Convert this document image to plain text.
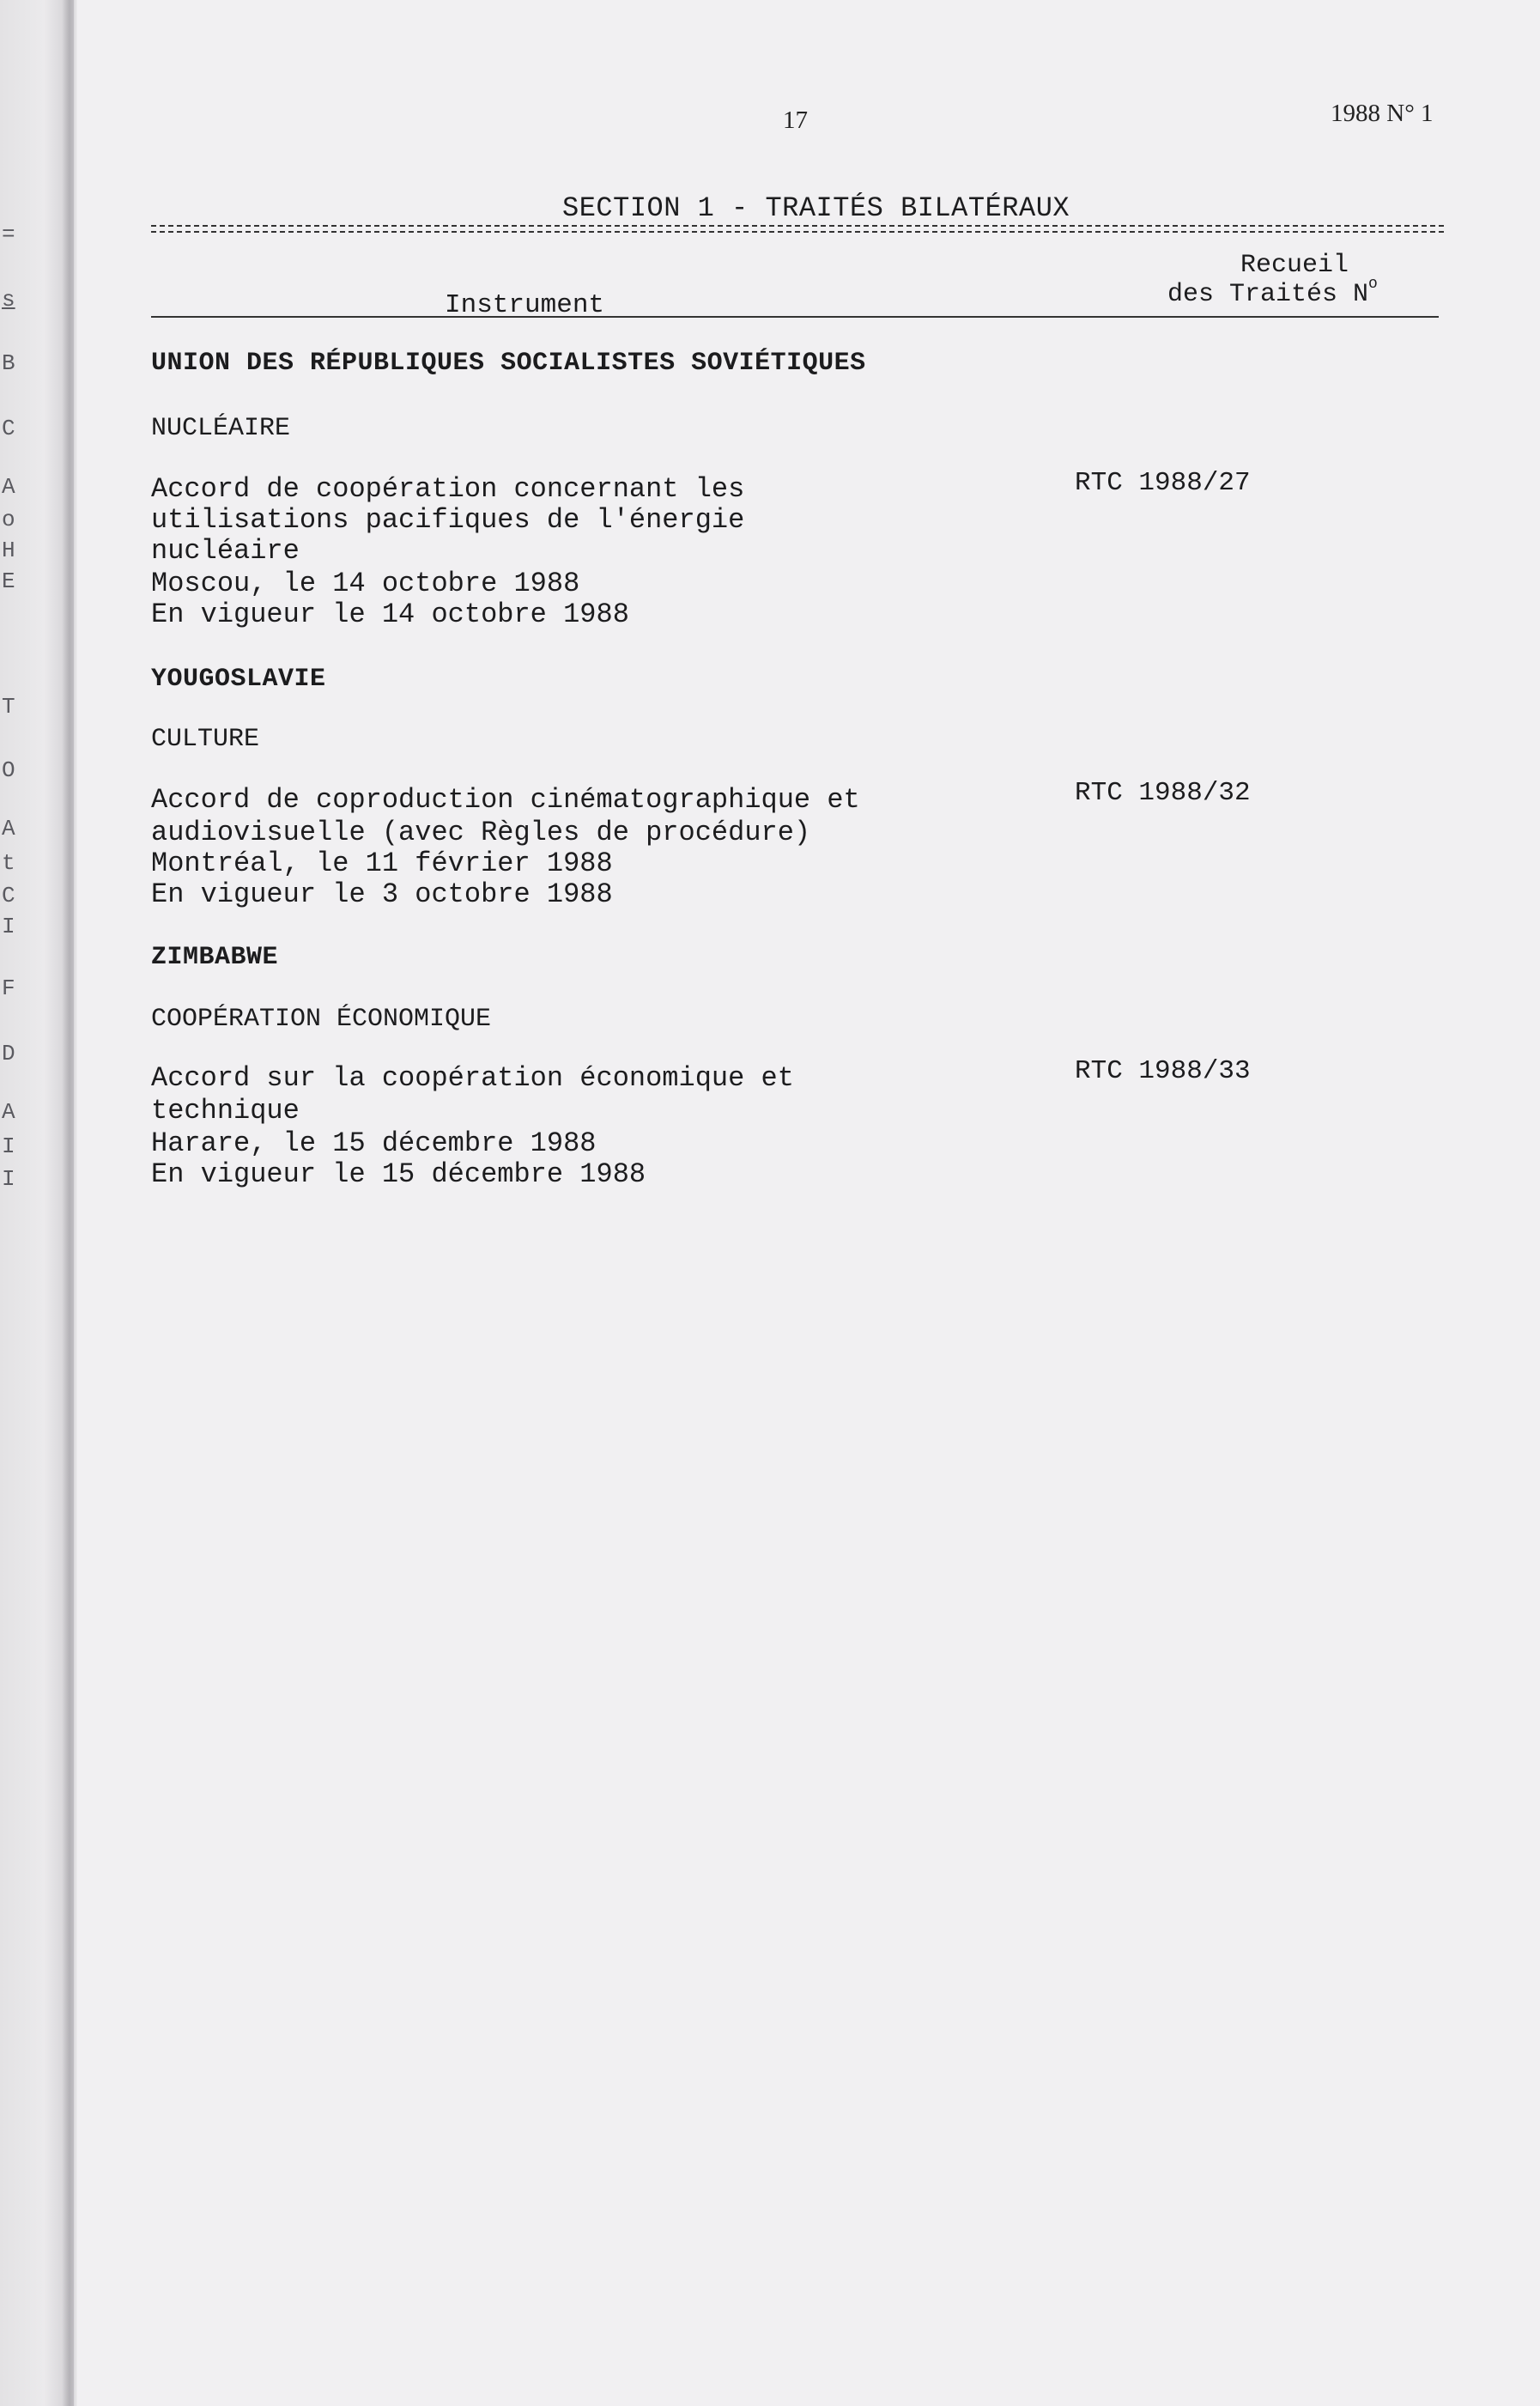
=
s
B
C
A
o
H
E
T
O
A
t
C
I
F
D
A
I
I
17	1988 N° 1
SECTION 1 - TRAITÉS BILATÉRAUX
Recueil
des Traités $N^o$
Instrument
UNION DES RÉPUBLIQUES SOCIALISTES SOVIÉTIQUES
NUCLÉAIRE
Accord de coopération concernant les
utilisations pacifiques de l'énergie
nucléaire
Moscou, le 14 octobre 1988
En vigueur le 14 octobre 1988
RTC 1988/27
YOUGOSLAVIE
CULTURE
Accord de coproduction cinématographique et
audiovisuelle (avec Règles de procédure)
Montréal, le 11 février 1988
En vigueur le 3 octobre 1988
RTC 1988/32
ZIMBABWE
COOPÉRATION ÉCONOMIQUE
Accord sur la coopération économique et
technique
Harare, le 15 décembre 1988
En vigueur le 15 décembre 1988
RTC 1988/33
